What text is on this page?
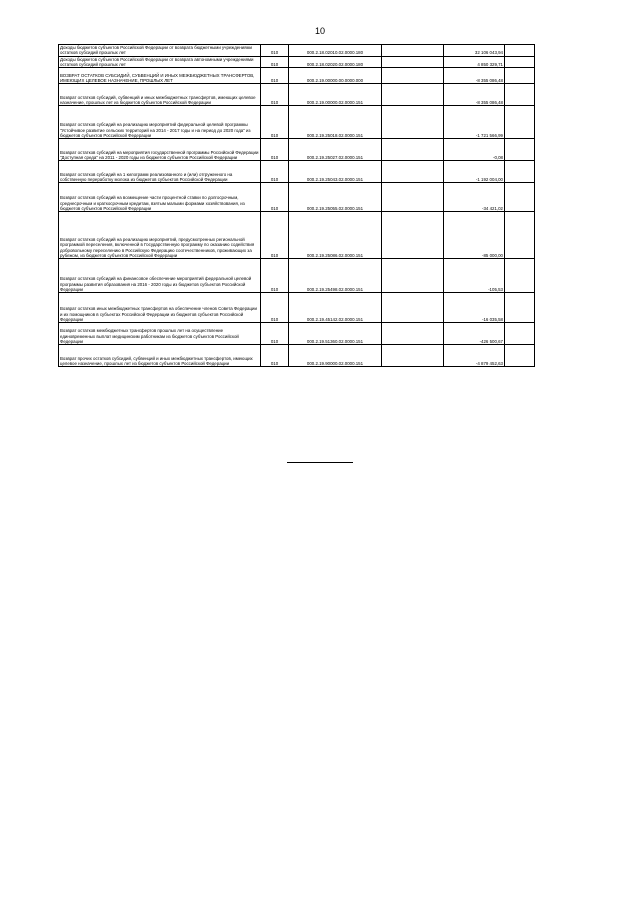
10
Доходы бюджетов субъектов Российской Федерации от возврата бюджетными учреждениями остатков субсидий прошлых лет	010	000.2.18.02010.02.0000.180		32 106 043,94	
Доходы бюджетов субъектов Российской Федерации от возврата автономными учреждениями остатков субсидий прошлых лет	010	000.2.18.02020.02.0000.180		4 850 329,71	
ВОЗВРАТ ОСТАТКОВ СУБСИДИЙ, СУБВЕНЦИЙ И ИНЫХ МЕЖБЮДЖЕТНЫХ ТРАНСФЕРТОВ, ИМЕЮЩИХ ЦЕЛЕВОЕ НАЗНАЧЕНИЕ, ПРОШЛЫХ ЛЕТ	010	000.2.19.00000.00.0000.000		-8 355 086,48	
Возврат остатков субсидий, субвенций и иных межбюджетных трансфертов, имеющих целевое назначение, прошлых лет из бюджетов субъектов Российской Федерации	010	000.2.19.00000.02.0000.151		-8 355 086,48	
Возврат остатков субсидий на реализацию мероприятий федеральной целевой программы "Устойчивое развитие сельских территорий на 2014 - 2017 годы и на период до 2020 года" из бюджетов субъектов Российской Федерации	010	000.2.19.25018.02.0000.151		-1 721 566,99	
Возврат остатков субсидий на мероприятия государственной программы Российской Федерации "Доступная среда" на 2011 - 2020 годы из бюджетов субъектов Российской Федерации	010	000.2.19.25027.02.0000.151		-0,08	
Возврат остатков субсидий на 1 килограмм реализованного и (или) отгруженного на собственную переработку молока из бюджетов субъектов Российской Федерации	010	000.2.19.25043.02.0000.151		-1 192 004,00	
Возврат остатков субсидий на возмещение части процентной ставки по долгосрочным, среднесрочным и краткосрочным кредитам, взятым малыми формами хозяйствования, из бюджетов субъектов Российской Федерации	010	000.2.19.25055.02.0000.151		-34 421,02	
Возврат остатков субсидий на реализацию мероприятий, предусмотренных региональной программой переселения, включенной в Государственную программу по оказанию содействия добровольному переселению в Российскую Федерацию соотечественников, проживающих за рубежом, из бюджетов субъектов Российской Федерации	010	000.2.19.25086.02.0000.151		-85 000,00	
Возврат остатков субсидий на финансовое обеспечение мероприятий федеральной целевой программы развития образования на 2016 - 2020 годы из бюджетов субъектов Российской Федерации	010	000.2.19.25498.02.0000.151		-105,53	
Возврат остатков иных межбюджетных трансфертов на обеспечение членов Совета Федерации и их помощников в субъектах Российской Федерации из бюджетов субъектов Российской Федерации	010	000.2.19.45142.02.0000.151		-16 035,58	
Возврат остатков межбюджетных трансфертов прошлых лет на осуществление единовременных выплат медицинским работникам из бюджетов субъектов Российской Федерации	010	000.2.19.51360.02.0000.151		-426 500,67	
Возврат прочих остатков субсидий, субвенций и иных межбюджетных трансфертов, имеющих целевое назначение, прошлых лет из бюджетов субъектов Российской Федерации	010	000.2.19.90000.02.0000.151		-4 879 452,63	
